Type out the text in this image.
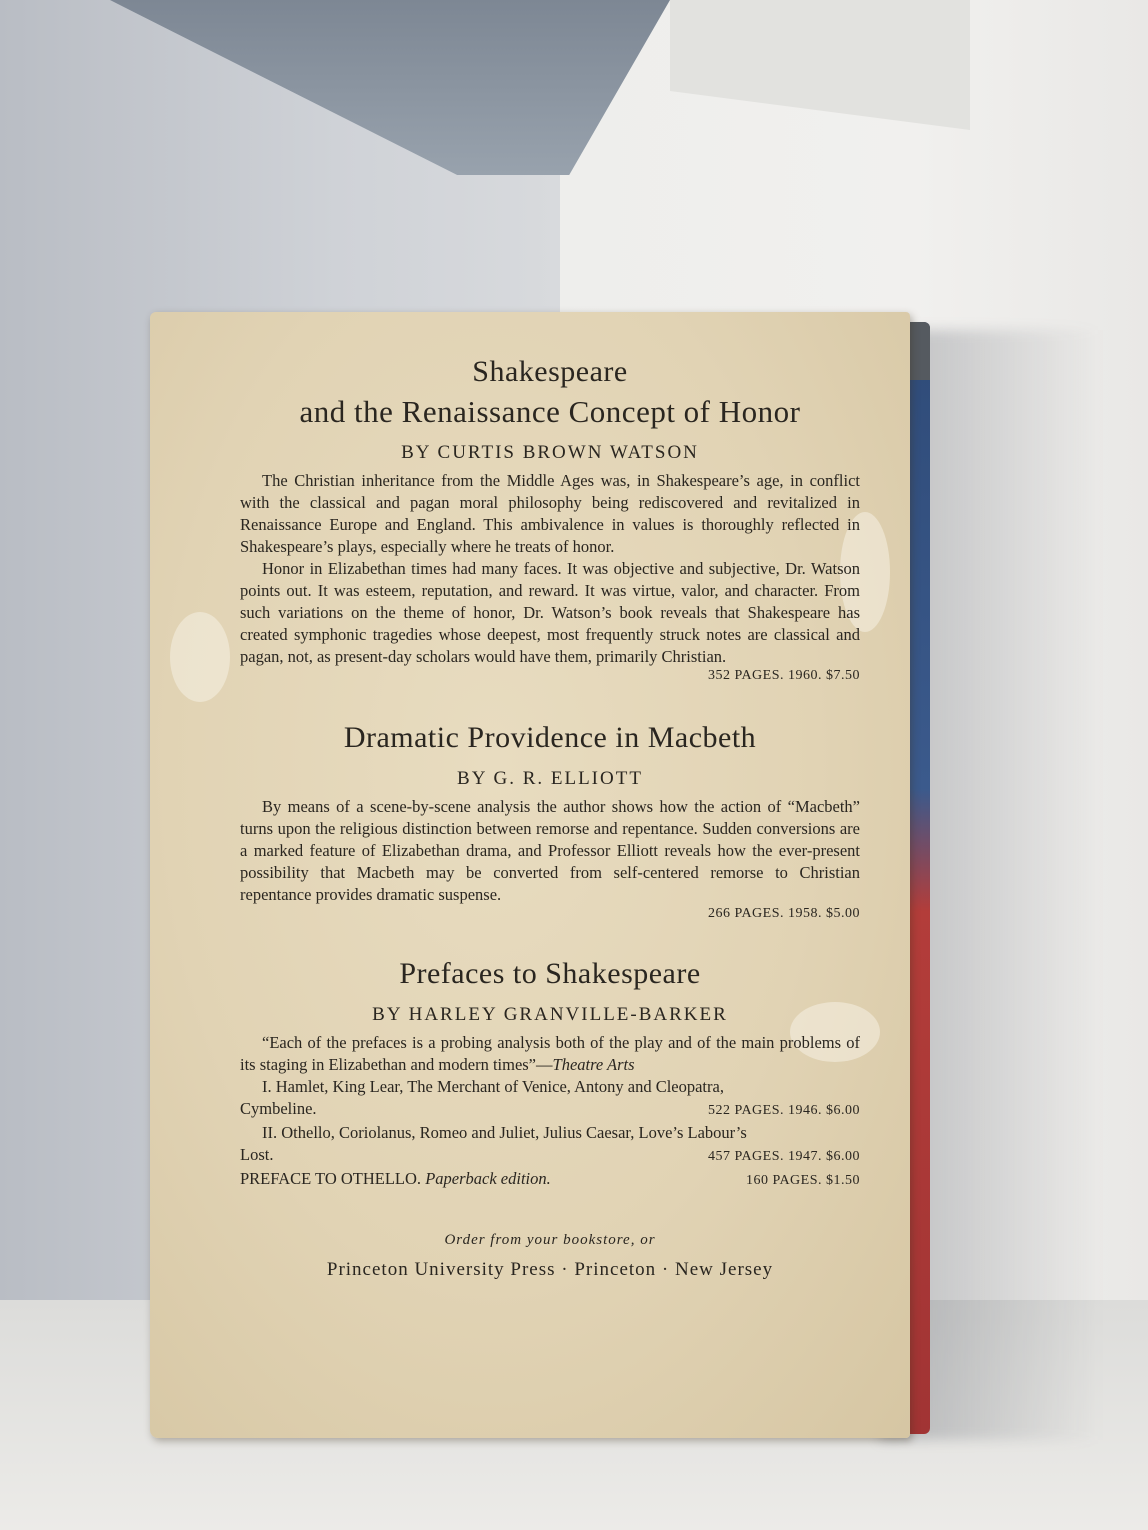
Shakespeare

and the Renaissance Concept of Honor

BY CURTIS BROWN WATSON

The Christian inheritance from the Middle Ages was, in Shakespeare’s age, in conflict with the classical and pagan moral philosophy being rediscovered and revitalized in Renaissance Europe and England. This ambivalence in values is thoroughly reflected in Shakespeare’s plays, especially where he treats of honor.

Honor in Elizabethan times had many faces. It was objective and subjective, Dr. Watson points out. It was esteem, reputation, and reward. It was virtue, valor, and character. From such variations on the theme of honor, Dr. Watson’s book reveals that Shakespeare has created symphonic tragedies whose deepest, most frequently struck notes are classical and pagan, not, as present-day scholars would have them, primarily Christian.

352 PAGES. 1960. $7.50

Dramatic Providence in Macbeth

BY G. R. ELLIOTT

By means of a scene-by-scene analysis the author shows how the action of “Macbeth” turns upon the religious distinction between remorse and repentance. Sudden conversions are a marked feature of Elizabethan drama, and Professor Elliott reveals how the ever-present possibility that Macbeth may be converted from self-centered remorse to Christian repentance provides dramatic suspense.

266 PAGES. 1958. $5.00

Prefaces to Shakespeare

BY HARLEY GRANVILLE-BARKER

“Each of the prefaces is a probing analysis both of the play and of the main problems of its staging in Elizabethan and modern times”—Theatre Arts

I. Hamlet, King Lear, The Merchant of Venice, Antony and Cleopatra,

Cymbeline.	522 PAGES. 1946. $6.00

II. Othello, Coriolanus, Romeo and Juliet, Julius Caesar, Love’s Labour’s

Lost.	457 PAGES. 1947. $6.00
PREFACE TO OTHELLO. Paperback edition.	160 PAGES. $1.50

Order from your bookstore, or

Princeton University Press · Princeton · New Jersey
